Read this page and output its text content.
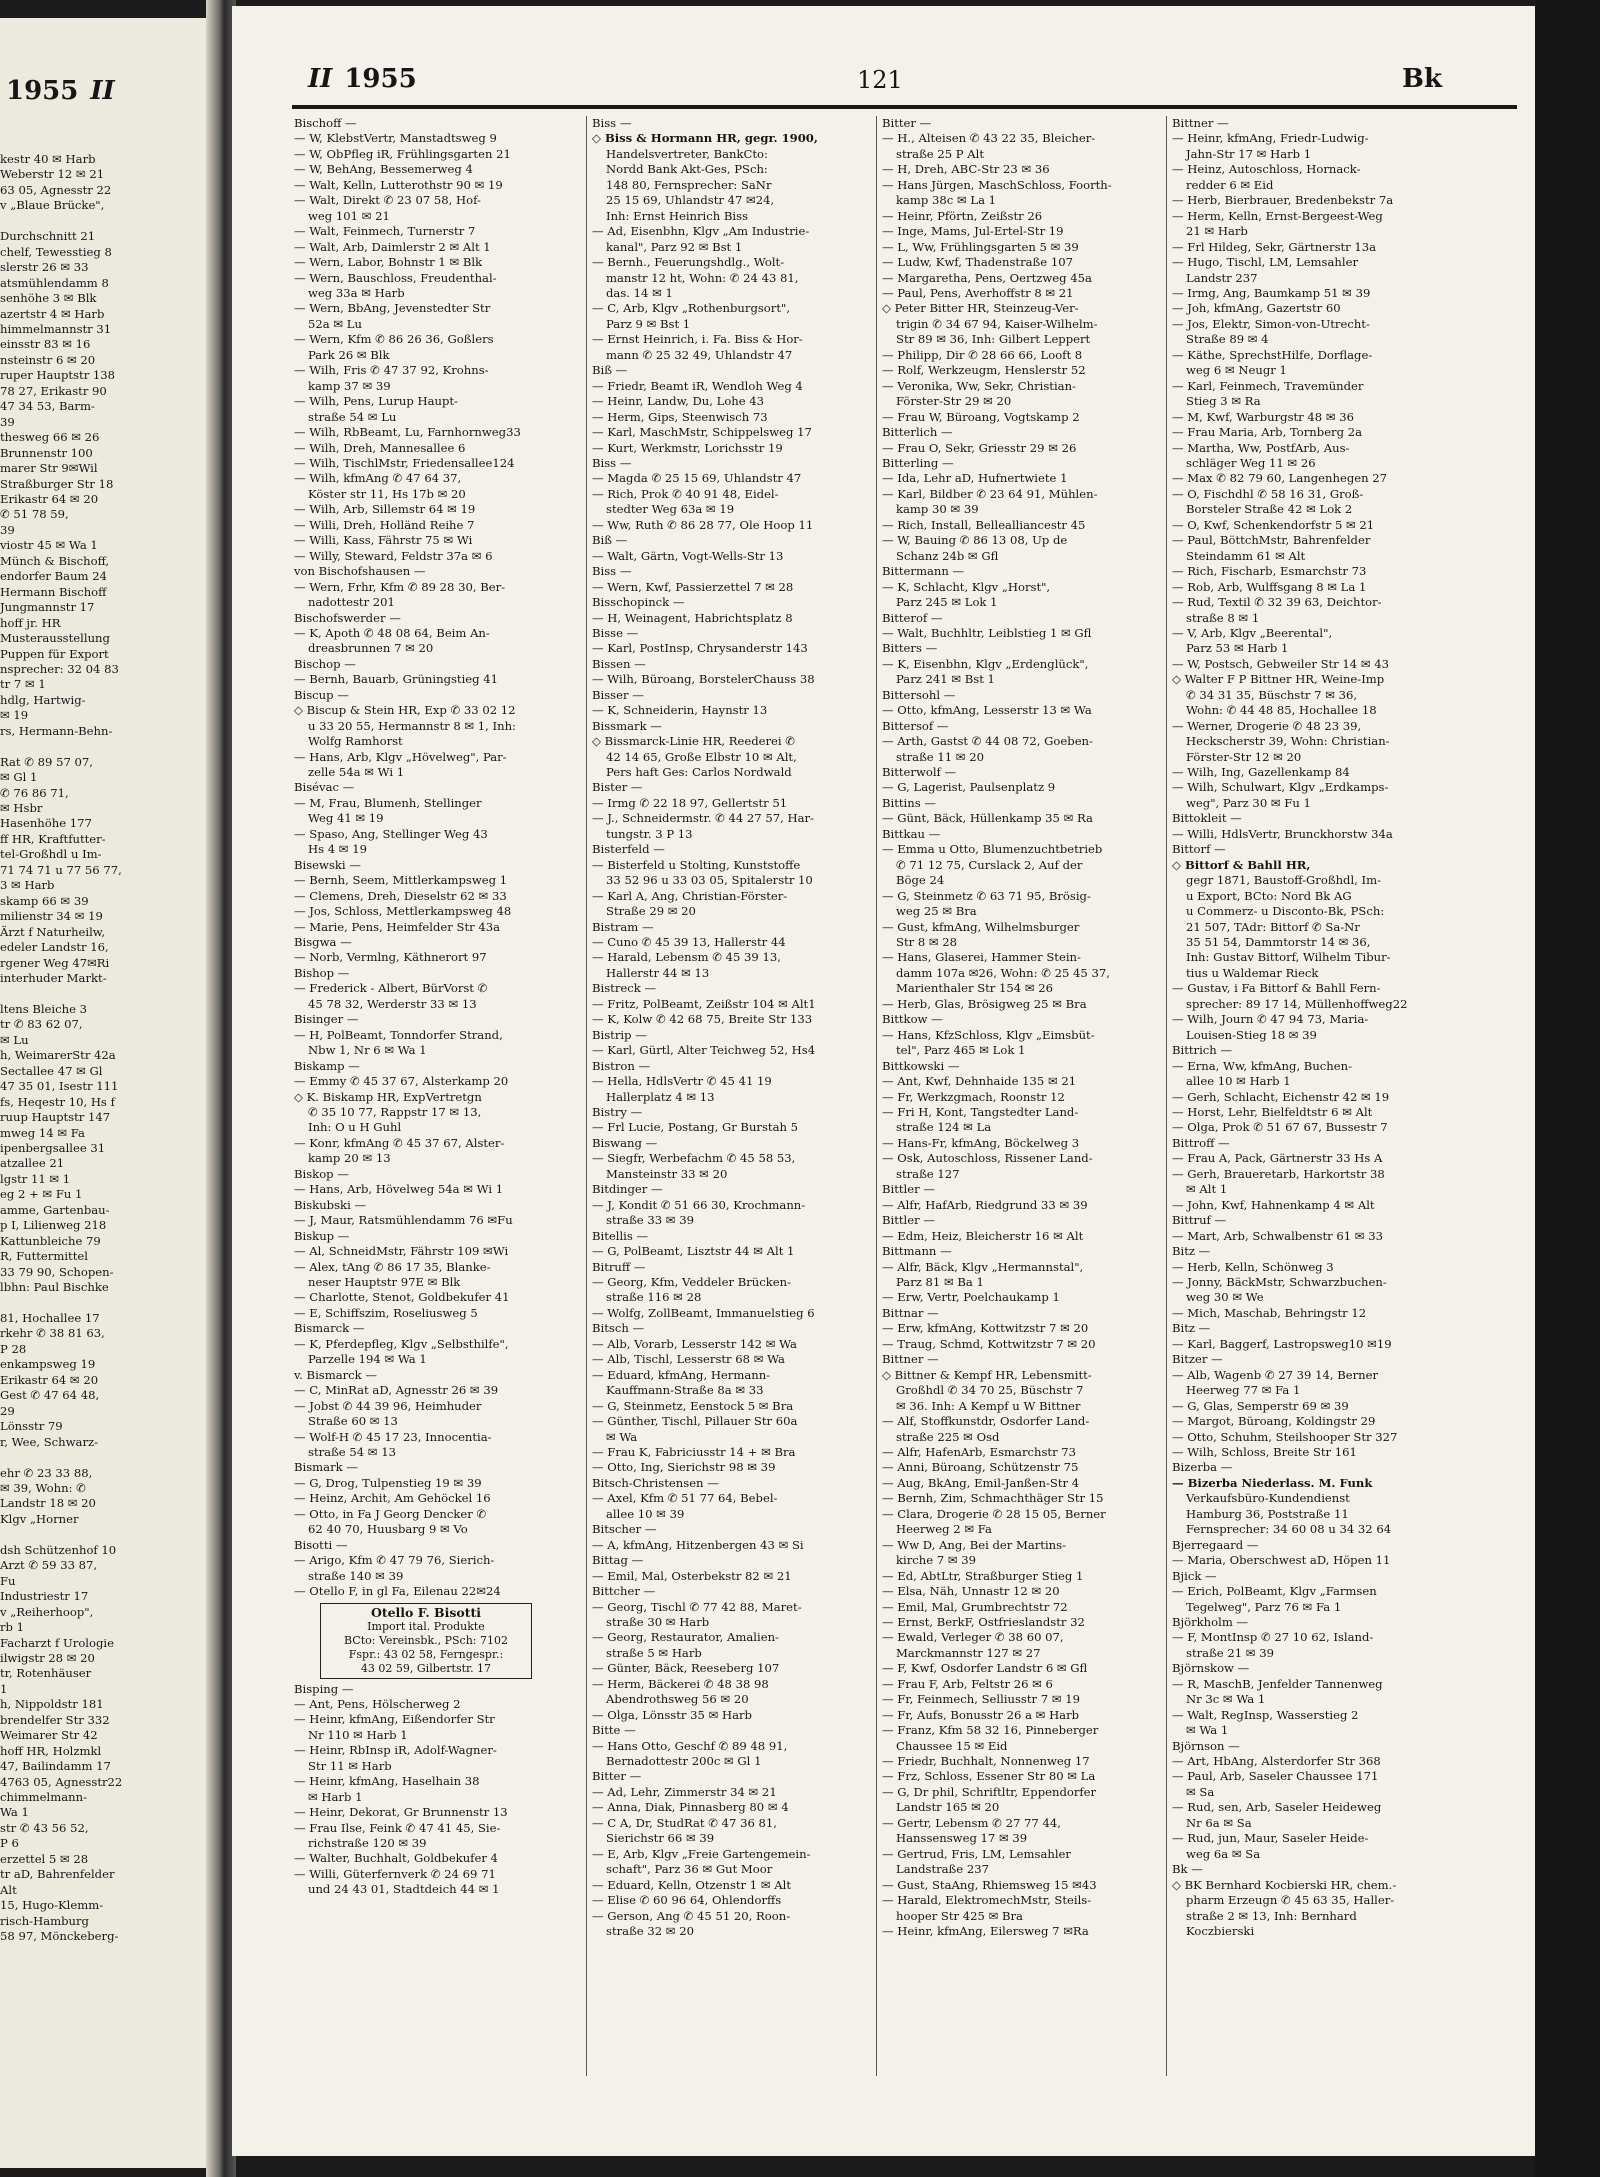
1955 II
kestr 40 ✉ Harb
Weberstr 12 ✉ 21
63 05, Agnesstr 22
v „Blaue Brücke",

Durchschnitt 21
chelf, Tewesstieg 8
slerstr 26 ✉ 33
atsmühlendamm 8
senhöhe 3 ✉ Blk
azertstr 4 ✉ Harb
himmelmannstr 31
einsstr 83 ✉ 16
nsteinstr 6 ✉ 20
ruper Hauptstr 138
78 27, Erikastr 90
47 34 53, Barm-
39
thesweg 66 ✉ 26
Brunnenstr 100
marer Str 9✉Wil
Straßburger Str 18
Erikastr 64 ✉ 20
✆ 51 78 59,
39
viostr 45 ✉ Wa 1
Münch & Bischoff,
endorfer Baum 24
Hermann Bischoff
Jungmannstr 17
hoff jr. HR
Musterausstellung
Puppen für Export
nsprecher: 32 04 83
tr 7 ✉ 1
hdlg, Hartwig-
✉ 19
rs, Hermann-Behn-

Rat ✆ 89 57 07,
✉ Gl 1
✆ 76 86 71,
✉ Hsbr
Hasenhöhe 177
ff HR, Kraftfutter-
tel-Großhdl u Im-
71 74 71 u 77 56 77,
3 ✉ Harb
skamp 66 ✉ 39
milienstr 34 ✉ 19
Ärzt f Naturheilw,
edeler Landstr 16,
rgener Weg 47✉Ri
interhuder Markt-

ltens Bleiche 3
tr ✆ 83 62 07,
✉ Lu
h, WeimarerStr 42a
Sectallee 47 ✉ Gl
47 35 01, Isestr 111
fs, Heqestr 10, Hs f
ruup Hauptstr 147
mweg 14 ✉ Fa
ipenbergsallee 31
atzallee 21
lgstr 11 ✉ 1
eg 2 + ✉ Fu 1
amme, Gartenbau-
p I, Lilienweg 218
Kattunbleiche 79
R, Futtermittel
33 79 90, Schopen-
lbhn: Paul Bischke

81, Hochallee 17
rkehr ✆ 38 81 63,
P 28
enkampsweg 19
Erikastr 64 ✉ 20
Gest ✆ 47 64 48,
29
Lönsstr 79
r, Wee, Schwarz-

ehr ✆ 23 33 88,
✉ 39, Wohn: ✆
Landstr 18 ✉ 20
Klgv „Horner

dsh Schützenhof 10
Arzt ✆ 59 33 87,
Fu
Industriestr 17
v „Reiherhoop",
rb 1
Facharzt f Urologie
ilwigstr 28 ✉ 20
tr, Rotenhäuser
1
h, Nippoldstr 181
brendelfer Str 332
Weimarer Str 42
hoff HR, Holzmkl
47, Bailindamm 17
4763 05, Agnesstr22
chimmelmann-
Wa 1
str ✆ 43 56 52,
P 6
erzettel 5 ✉ 28
tr aD, Bahrenfelder
Alt
15, Hugo-Klemm-
risch-Hamburg
58 97, Mönckeberg-
II 1955	121	Bk
Bischoff —
— W, KlebstVertr, Manstadtsweg 9
— W, ObPfleg iR, Frühlingsgarten 21
— W, BehAng, Bessemerweg 4
— Walt, Kelln, Lutterothstr 90 ✉ 19
— Walt, Direkt ✆ 23 07 58, Hof-
weg 101 ✉ 21
— Walt, Feinmech, Turnerstr 7
— Walt, Arb, Daimlerstr 2 ✉ Alt 1
— Wern, Labor, Bohnstr 1 ✉ Blk
— Wern, Bauschloss, Freudenthal-
weg 33a ✉ Harb
— Wern, BbAng, Jevenstedter Str
52a ✉ Lu
— Wern, Kfm ✆ 86 26 36, Goßlers
Park 26 ✉ Blk
— Wilh, Fris ✆ 47 37 92, Krohns-
kamp 37 ✉ 39
— Wilh, Pens, Lurup Haupt-
straße 54 ✉ Lu
— Wilh, RbBeamt, Lu, Farnhornweg33
— Wilh, Dreh, Mannesallee 6
— Wilh, TischlMstr, Friedensallee124
— Wilh, kfmAng ✆ 47 64 37,
Köster str 11, Hs 17b ✉ 20
— Wilh, Arb, Sillemstr 64 ✉ 19
— Willi, Dreh, Holländ Reihe 7
— Willi, Kass, Fährstr 75 ✉ Wi
— Willy, Steward, Feldstr 37a ✉ 6
von Bischofshausen —
— Wern, Frhr, Kfm ✆ 89 28 30, Ber-
nadottestr 201
Bischofswerder —
— K, Apoth ✆ 48 08 64, Beim An-
dreasbrunnen 7 ✉ 20
Bischop —
— Bernh, Bauarb, Grüningstieg 41
Biscup —
◇ Biscup & Stein HR, Exp ✆ 33 02 12
u 33 20 55, Hermannstr 8 ✉ 1, Inh:
Wolfg Ramhorst
— Hans, Arb, Klgv „Hövelweg", Par-
zelle 54a ✉ Wi 1
Bisévac —
— M, Frau, Blumenh, Stellinger
Weg 41 ✉ 19
— Spaso, Ang, Stellinger Weg 43
Hs 4 ✉ 19
Bisewski —
— Bernh, Seem, Mittlerkampsweg 1
— Clemens, Dreh, Dieselstr 62 ✉ 33
— Jos, Schloss, Mettlerkampsweg 48
— Marie, Pens, Heimfelder Str 43a
Bisgwa —
— Norb, Vermlng, Käthnerort 97
Bishop —
— Frederick - Albert, BürVorst ✆
45 78 32, Werderstr 33 ✉ 13
Bisinger —
— H, PolBeamt, Tonndorfer Strand,
Nbw 1, Nr 6 ✉ Wa 1
Biskamp —
— Emmy ✆ 45 37 67, Alsterkamp 20
◇ K. Biskamp HR, ExpVertretgn
✆ 35 10 77, Rappstr 17 ✉ 13,
Inh: O u H Guhl
— Konr, kfmAng ✆ 45 37 67, Alster-
kamp 20 ✉ 13
Biskop —
— Hans, Arb, Hövelweg 54a ✉ Wi 1
Biskubski —
— J, Maur, Ratsmühlendamm 76 ✉Fu
Biskup —
— Al, SchneidMstr, Fährstr 109 ✉Wi
— Alex, tAng ✆ 86 17 35, Blanke-
neser Hauptstr 97E ✉ Blk
— Charlotte, Stenot, Goldbekufer 41
— E, Schiffszim, Roseliusweg 5
Bismarck —
— K, Pferdepfleg, Klgv „Selbsthilfe",
Parzelle 194 ✉ Wa 1
v. Bismarck —
— C, MinRat aD, Agnesstr 26 ✉ 39
— Jobst ✆ 44 39 96, Heimhuder
Straße 60 ✉ 13
— Wolf-H ✆ 45 17 23, Innocentia-
straße 54 ✉ 13
Bismark —
— G, Drog, Tulpenstieg 19 ✉ 39
— Heinz, Archit, Am Gehöckel 16
— Otto, in Fa J Georg Dencker ✆
62 40 70, Huusbarg 9 ✉ Vo
Bisotti —
— Arigo, Kfm ✆ 47 79 76, Sierich-
straße 140 ✉ 39
— Otello F, in gl Fa, Eilenau 22✉24
Otello F. Bisotti
Import ital. Produkte
BCto: Vereinsbk., PSch: 7102
Fspr.: 43 02 58, Ferngespr.:
43 02 59, Gilbertstr. 17
Bisping —
— Ant, Pens, Hölscherweg 2
— Heinr, kfmAng, Eißendorfer Str
Nr 110 ✉ Harb 1
— Heinr, RbInsp iR, Adolf-Wagner-
Str 11 ✉ Harb
— Heinr, kfmAng, Haselhain 38
✉ Harb 1
— Heinr, Dekorat, Gr Brunnenstr 13
— Frau Ilse, Feink ✆ 47 41 45, Sie-
richstraße 120 ✉ 39
— Walter, Buchhalt, Goldbekufer 4
— Willi, Güterfernverk ✆ 24 69 71
und 24 43 01, Stadtdeich 44 ✉ 1
Biss —
◇ Biss & Hormann HR, gegr. 1900,
Handelsvertreter, BankCto:
Nordd Bank Akt-Ges, PSch:
148 80, Fernsprecher: SaNr
25 15 69, Uhlandstr 47 ✉24,
Inh: Ernst Heinrich Biss
— Ad, Eisenbhn, Klgv „Am Industrie-
kanal", Parz 92 ✉ Bst 1
— Bernh., Feuerungshdlg., Wolt-
manstr 12 ht, Wohn: ✆ 24 43 81,
das. 14 ✉ 1
— C, Arb, Klgv „Rothenburgsort",
Parz 9 ✉ Bst 1
— Ernst Heinrich, i. Fa. Biss & Hor-
mann ✆ 25 32 49, Uhlandstr 47
Biß —
— Friedr, Beamt iR, Wendloh Weg 4
— Heinr, Landw, Du, Lohe 43
— Herm, Gips, Steenwisch 73
— Karl, MaschMstr, Schippelsweg 17
— Kurt, Werkmstr, Lorichsstr 19
Biss —
— Magda ✆ 25 15 69, Uhlandstr 47
— Rich, Prok ✆ 40 91 48, Eidel-
stedter Weg 63a ✉ 19
— Ww, Ruth ✆ 86 28 77, Ole Hoop 11
Biß —
— Walt, Gärtn, Vogt-Wells-Str 13
Biss —
— Wern, Kwf, Passierzettel 7 ✉ 28
Bisschopinck —
— H, Weinagent, Habrichtsplatz 8
Bisse —
— Karl, PostInsp, Chrysanderstr 143
Bissen —
— Wilh, Büroang, BorstelerChauss 38
Bisser —
— K, Schneiderin, Haynstr 13
Bissmark —
◇ Bissmarck-Linie HR, Reederei ✆
42 14 65, Große Elbstr 10 ✉ Alt,
Pers haft Ges: Carlos Nordwald
Bister —
— Irmg ✆ 22 18 97, Gellertstr 51
— J., Schneidermstr. ✆ 44 27 57, Har-
tungstr. 3 P 13
Bisterfeld —
— Bisterfeld u Stolting, Kunststoffe
33 52 96 u 33 03 05, Spitalerstr 10
— Karl A, Ang, Christian-Förster-
Straße 29 ✉ 20
Bistram —
— Cuno ✆ 45 39 13, Hallerstr 44
— Harald, Lebensm ✆ 45 39 13,
Hallerstr 44 ✉ 13
Bistreck —
— Fritz, PolBeamt, Zeißstr 104 ✉ Alt1
— K, Kolw ✆ 42 68 75, Breite Str 133
Bistrip —
— Karl, Gürtl, Alter Teichweg 52, Hs4
Bistron —
— Hella, HdlsVertr ✆ 45 41 19
Hallerplatz 4 ✉ 13
Bistry —
— Frl Lucie, Postang, Gr Burstah 5
Biswang —
— Siegfr, Werbefachm ✆ 45 58 53,
Mansteinstr 33 ✉ 20
Bitdinger —
— J, Kondit ✆ 51 66 30, Krochmann-
straße 33 ✉ 39
Bitellis —
— G, PolBeamt, Lisztstr 44 ✉ Alt 1
Bitruff —
— Georg, Kfm, Veddeler Brücken-
straße 116 ✉ 28
— Wolfg, ZollBeamt, Immanuelstieg 6
Bitsch —
— Alb, Vorarb, Lesserstr 142 ✉ Wa
— Alb, Tischl, Lesserstr 68 ✉ Wa
— Eduard, kfmAng, Hermann-
Kauffmann-Straße 8a ✉ 33
— G, Steinmetz, Eenstock 5 ✉ Bra
— Günther, Tischl, Pillauer Str 60a
✉ Wa
— Frau K, Fabriciusstr 14 + ✉ Bra
— Otto, Ing, Sierichstr 98 ✉ 39
Bitsch-Christensen —
— Axel, Kfm ✆ 51 77 64, Bebel-
allee 10 ✉ 39
Bitscher —
— A, kfmAng, Hitzenbergen 43 ✉ Si
Bittag —
— Emil, Mal, Osterbekstr 82 ✉ 21
Bittcher —
— Georg, Tischl ✆ 77 42 88, Maret-
straße 30 ✉ Harb
— Georg, Restaurator, Amalien-
straße 5 ✉ Harb
— Günter, Bäck, Reeseberg 107
— Herm, Bäckerei ✆ 48 38 98
Abendrothsweg 56 ✉ 20
— Olga, Lönsstr 35 ✉ Harb
Bitte —
— Hans Otto, Geschf ✆ 89 48 91,
Bernadottestr 200c ✉ Gl 1
Bitter —
— Ad, Lehr, Zimmerstr 34 ✉ 21
— Anna, Diak, Pinnasberg 80 ✉ 4
— C A, Dr, StudRat ✆ 47 36 81,
Sierichstr 66 ✉ 39
— E, Arb, Klgv „Freie Gartengemein-
schaft", Parz 36 ✉ Gut Moor
— Eduard, Kelln, Otzenstr 1 ✉ Alt
— Elise ✆ 60 96 64, Ohlendorffs
— Gerson, Ang ✆ 45 51 20, Roon-
straße 32 ✉ 20
Bitter —
— H., Alteisen ✆ 43 22 35, Bleicher-
straße 25 P Alt
— H, Dreh, ABC-Str 23 ✉ 36
— Hans Jürgen, MaschSchloss, Foorth-
kamp 38c ✉ La 1
— Heinr, Pförtn, Zeißstr 26
— Inge, Mams, Jul-Ertel-Str 19
— L, Ww, Frühlingsgarten 5 ✉ 39
— Ludw, Kwf, Thadenstraße 107
— Margaretha, Pens, Oertzweg 45a
— Paul, Pens, Averhoffstr 8 ✉ 21
◇ Peter Bitter HR, Steinzeug-Ver-
trigin ✆ 34 67 94, Kaiser-Wilhelm-
Str 89 ✉ 36, Inh: Gilbert Leppert
— Philipp, Dir ✆ 28 66 66, Looft 8
— Rolf, Werkzeugm, Henslerstr 52
— Veronika, Ww, Sekr, Christian-
Förster-Str 29 ✉ 20
— Frau W, Büroang, Vogtskamp 2
Bitterlich —
— Frau O, Sekr, Griesstr 29 ✉ 26
Bitterling —
— Ida, Lehr aD, Hufnertwiete 1
— Karl, Bildber ✆ 23 64 91, Mühlen-
kamp 30 ✉ 39
— Rich, Install, Bellealliancestr 45
— W, Bauing ✆ 86 13 08, Up de
Schanz 24b ✉ Gfl
Bittermann —
— K, Schlacht, Klgv „Horst",
Parz 245 ✉ Lok 1
Bitterof —
— Walt, Buchhltr, Leiblstieg 1 ✉ Gfl
Bitters —
— K, Eisenbhn, Klgv „Erdenglück",
Parz 241 ✉ Bst 1
Bittersohl —
— Otto, kfmAng, Lesserstr 13 ✉ Wa
Bittersof —
— Arth, Gastst ✆ 44 08 72, Goeben-
straße 11 ✉ 20
Bitterwolf —
— G, Lagerist, Paulsenplatz 9
Bittins —
— Günt, Bäck, Hüllenkamp 35 ✉ Ra
Bittkau —
— Emma u Otto, Blumenzuchtbetrieb
✆ 71 12 75, Curslack 2, Auf der
Böge 24
— G, Steinmetz ✆ 63 71 95, Brösig-
weg 25 ✉ Bra
— Gust, kfmAng, Wilhelmsburger
Str 8 ✉ 28
— Hans, Glaserei, Hammer Stein-
damm 107a ✉26, Wohn: ✆ 25 45 37,
Marienthaler Str 154 ✉ 26
— Herb, Glas, Brösigweg 25 ✉ Bra
Bittkow —
— Hans, KfzSchloss, Klgv „Eimsbüt-
tel", Parz 465 ✉ Lok 1
Bittkowski —
— Ant, Kwf, Dehnhaide 135 ✉ 21
— Fr, Werkzgmach, Roonstr 12
— Fri H, Kont, Tangstedter Land-
straße 124 ✉ La
— Hans-Fr, kfmAng, Böckelweg 3
— Osk, Autoschloss, Rissener Land-
straße 127
Bittler —
— Alfr, HafArb, Riedgrund 33 ✉ 39
Bittler —
— Edm, Heiz, Bleicherstr 16 ✉ Alt
Bittmann —
— Alfr, Bäck, Klgv „Hermannstal",
Parz 81 ✉ Ba 1
— Erw, Vertr, Poelchaukamp 1
Bittnar —
— Erw, kfmAng, Kottwitzstr 7 ✉ 20
— Traug, Schmd, Kottwitzstr 7 ✉ 20
Bittner —
◇ Bittner & Kempf HR, Lebensmitt-
Großhdl ✆ 34 70 25, Büschstr 7
✉ 36. Inh: A Kempf u W Bittner
— Alf, Stoffkunstdr, Osdorfer Land-
straße 225 ✉ Osd
— Alfr, HafenArb, Esmarchstr 73
— Anni, Büroang, Schützenstr 75
— Aug, BkAng, Emil-Janßen-Str 4
— Bernh, Zim, Schmachthäger Str 15
— Clara, Drogerie ✆ 28 15 05, Berner
Heerweg 2 ✉ Fa
— Ww D, Ang, Bei der Martins-
kirche 7 ✉ 39
— Ed, AbtLtr, Straßburger Stieg 1
— Elsa, Näh, Unnastr 12 ✉ 20
— Emil, Mal, Grumbrechtstr 72
— Ernst, BerkF, Ostfrieslandstr 32
— Ewald, Verleger ✆ 38 60 07,
Marckmannstr 127 ✉ 27
— F, Kwf, Osdorfer Landstr 6 ✉ Gfl
— Frau F, Arb, Feltstr 26 ✉ 6
— Fr, Feinmech, Selliusstr 7 ✉ 19
— Fr, Aufs, Bonusstr 26 a ✉ Harb
— Franz, Kfm 58 32 16, Pinneberger
Chaussee 15 ✉ Eid
— Friedr, Buchhalt, Nonnenweg 17
— Frz, Schloss, Essener Str 80 ✉ La
— G, Dr phil, Schriftltr, Eppendorfer
Landstr 165 ✉ 20
— Gertr, Lebensm ✆ 27 77 44,
Hanssensweg 17 ✉ 39
— Gertrud, Fris, LM, Lemsahler
Landstraße 237
— Gust, StaAng, Rhiemsweg 15 ✉43
— Harald, ElektromechMstr, Steils-
hooper Str 425 ✉ Bra
— Heinr, kfmAng, Eilersweg 7 ✉Ra
Bittner —
— Heinr, kfmAng, Friedr-Ludwig-
Jahn-Str 17 ✉ Harb 1
— Heinz, Autoschloss, Hornack-
redder 6 ✉ Eid
— Herb, Bierbrauer, Bredenbekstr 7a
— Herm, Kelln, Ernst-Bergeest-Weg
21 ✉ Harb
— Frl Hildeg, Sekr, Gärtnerstr 13a
— Hugo, Tischl, LM, Lemsahler
Landstr 237
— Irmg, Ang, Baumkamp 51 ✉ 39
— Joh, kfmAng, Gazertstr 60
— Jos, Elektr, Simon-von-Utrecht-
Straße 89 ✉ 4
— Käthe, SprechstHilfe, Dorflage-
weg 6 ✉ Neugr 1
— Karl, Feinmech, Travemünder
Stieg 3 ✉ Ra
— M, Kwf, Warburgstr 48 ✉ 36
— Frau Maria, Arb, Tornberg 2a
— Martha, Ww, PostfArb, Aus-
schläger Weg 11 ✉ 26
— Max ✆ 82 79 60, Langenhegen 27
— O, Fischdhl ✆ 58 16 31, Groß-
Borsteler Straße 42 ✉ Lok 2
— O, Kwf, Schenkendorfstr 5 ✉ 21
— Paul, BöttchMstr, Bahrenfelder
Steindamm 61 ✉ Alt
— Rich, Fischarb, Esmarchstr 73
— Rob, Arb, Wulffsgang 8 ✉ La 1
— Rud, Textil ✆ 32 39 63, Deichtor-
straße 8 ✉ 1
— V, Arb, Klgv „Beerental",
Parz 53 ✉ Harb 1
— W, Postsch, Gebweiler Str 14 ✉ 43
◇ Walter F P Bittner HR, Weine-Imp
✆ 34 31 35, Büschstr 7 ✉ 36,
Wohn: ✆ 44 48 85, Hochallee 18
— Werner, Drogerie ✆ 48 23 39,
Heckscherstr 39, Wohn: Christian-
Förster-Str 12 ✉ 20
— Wilh, Ing, Gazellenkamp 84
— Wilh, Schulwart, Klgv „Erdkamps-
weg", Parz 30 ✉ Fu 1
Bittokleit —
— Willi, HdlsVertr, Brunckhorstw 34a
Bittorf —
◇ Bittorf & Bahll HR,
gegr 1871, Baustoff-Großhdl, Im-
u Export, BCto: Nord Bk AG
u Commerz- u Disconto-Bk, PSch:
21 507, TAdr: Bittorf ✆ Sa-Nr
35 51 54, Dammtorstr 14 ✉ 36,
Inh: Gustav Bittorf, Wilhelm Tibur-
tius u Waldemar Rieck
— Gustav, i Fa Bittorf & Bahll Fern-
sprecher: 89 17 14, Müllenhoffweg22
— Wilh, Journ ✆ 47 94 73, Maria-
Louisen-Stieg 18 ✉ 39
Bittrich —
— Erna, Ww, kfmAng, Buchen-
allee 10 ✉ Harb 1
— Gerh, Schlacht, Eichenstr 42 ✉ 19
— Horst, Lehr, Bielfeldtstr 6 ✉ Alt
— Olga, Prok ✆ 51 67 67, Bussestr 7
Bittroff —
— Frau A, Pack, Gärtnerstr 33 Hs A
— Gerh, Braueretarb, Harkortstr 38
✉ Alt 1
— John, Kwf, Hahnenkamp 4 ✉ Alt
Bittruf —
— Mart, Arb, Schwalbenstr 61 ✉ 33
Bitz —
— Herb, Kelln, Schönweg 3
— Jonny, BäckMstr, Schwarzbuchen-
weg 30 ✉ We
— Mich, Maschab, Behringstr 12
Bitz —
— Karl, Baggerf, Lastropsweg10 ✉19
Bitzer —
— Alb, Wagenb ✆ 27 39 14, Berner
Heerweg 77 ✉ Fa 1
— G, Glas, Semperstr 69 ✉ 39
— Margot, Büroang, Koldingstr 29
— Otto, Schuhm, Steilshooper Str 327
— Wilh, Schloss, Breite Str 161
Bizerba —
— Bizerba Niederlass. M. Funk
Verkaufsbüro-Kundendienst
Hamburg 36, Poststraße 11
Fernsprecher: 34 60 08 u 34 32 64
Bjerregaard —
— Maria, Oberschwest aD, Höpen 11
Bjick —
— Erich, PolBeamt, Klgv „Farmsen
Tegelweg", Parz 76 ✉ Fa 1
Björkholm —
— F, MontInsp ✆ 27 10 62, Island-
straße 21 ✉ 39
Björnskow —
— R, MaschB, Jenfelder Tannenweg
Nr 3c ✉ Wa 1
— Walt, RegInsp, Wasserstieg 2
✉ Wa 1
Björnson —
— Art, HbAng, Alsterdorfer Str 368
— Paul, Arb, Saseler Chaussee 171
✉ Sa
— Rud, sen, Arb, Saseler Heideweg
Nr 6a ✉ Sa
— Rud, jun, Maur, Saseler Heide-
weg 6a ✉ Sa
Bk —
◇ BK Bernhard Kocbierski HR, chem.-
pharm Erzeugn ✆ 45 63 35, Haller-
straße 2 ✉ 13, Inh: Bernhard
Koczbierski
